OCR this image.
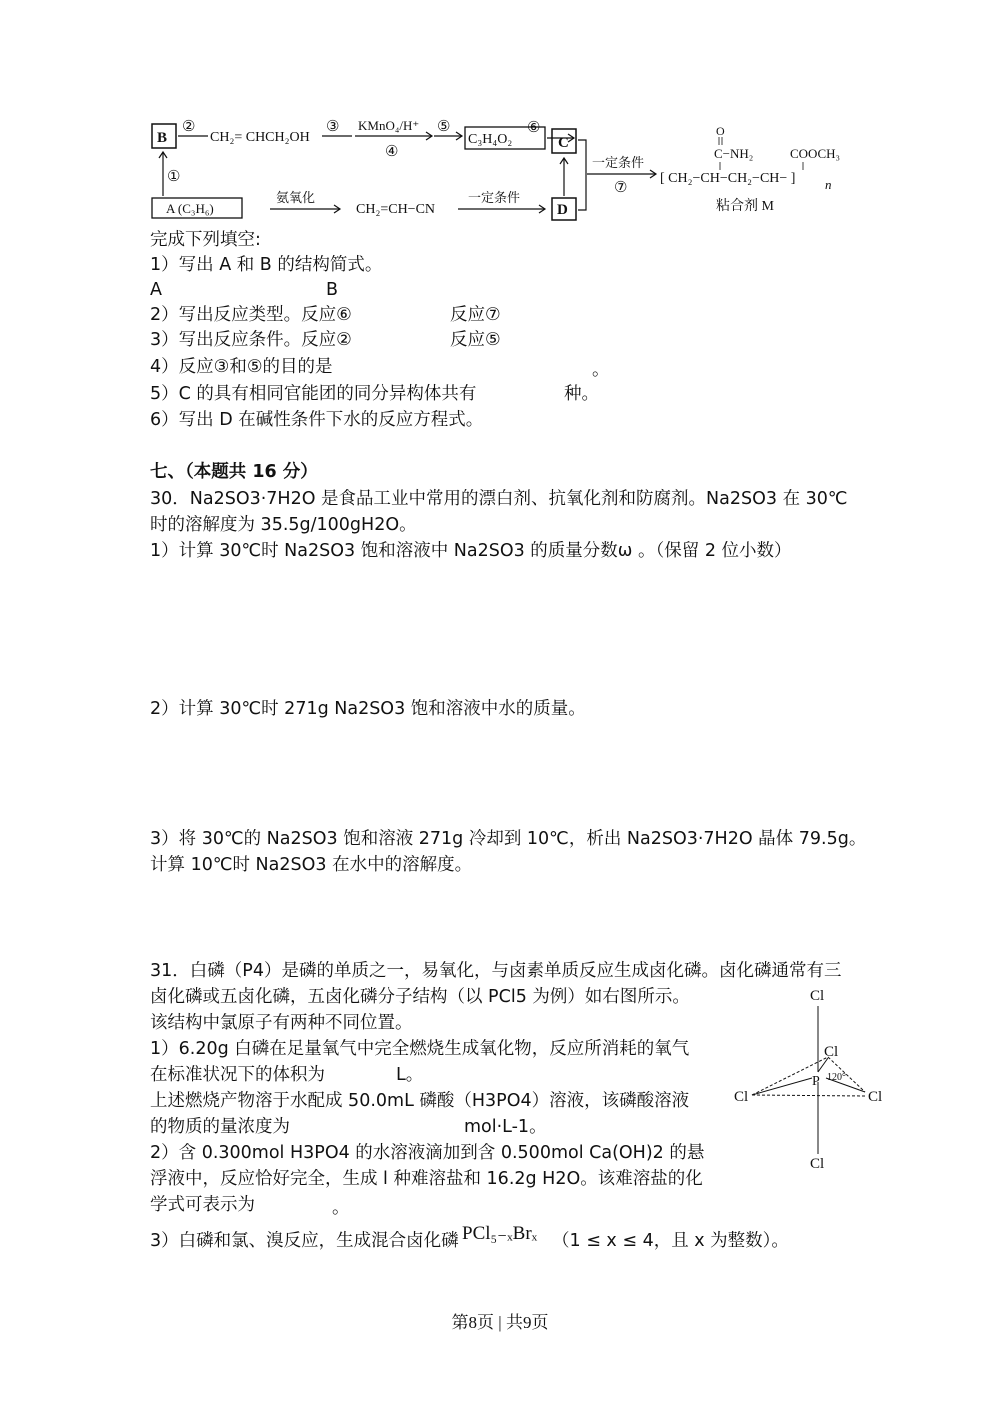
B
②
CH₂= CHCH₂OH
③ KMnO₄/H⁺
④
⑤
C₃H₄O₂
⑥
C
一定条件
⑦
O
C−NH₂	COOCH₃
[ CH₂−CH−CH₂−CH− ] n
粘合剂 M
①
A (C₃H₆)
氨氧化
CH₂=CH−CN
一定条件
D
完成下列填空:
1）写出 A 和 B 的结构简式。
A	B
2）写出反应类型。反应⑥	反应⑦
3）写出反应条件。反应②	反应⑤
4）反应③和⑤的目的是	。
5）C 的具有相同官能团的同分异构体共有	种。
6）写出 D 在碱性条件下水的反应方程式。
七、（本题共 16 分）
30．Na2SO3·7H2O 是食品工业中常用的漂白剂、抗氧化剂和防腐剂。Na2SO3 在 30℃
时的溶解度为 35.5g/100gH2O。
1）计算 30℃时 Na2SO3 饱和溶液中 Na2SO3 的质量分数ω 。（保留 2 位小数）
2）计算 30℃时 271g Na2SO3 饱和溶液中水的质量。
3）将 30℃的 Na2SO3 饱和溶液 271g 冷却到 10℃，析出 Na2SO3·7H2O 晶体 79.5g。
计算 10℃时 Na2SO3 在水中的溶解度。
31．白磷（P4）是磷的单质之一，易氧化，与卤素单质反应生成卤化磷。卤化磷通常有三
卤化磷或五卤化磷，五卤化磷分子结构（以 PCl5 为例）如右图所示。
该结构中氯原子有两种不同位置。
1）6.20g 白磷在足量氧气中完全燃烧生成氧化物，反应所消耗的氧气
在标准状况下的体积为	L。
上述燃烧产物溶于水配成 50.0mL 磷酸（H3PO4）溶液，该磷酸溶液
的物质的量浓度为	mol·L-1。
2）含 0.300mol H3PO4 的水溶液滴加到含 0.500mol Ca(OH)2 的悬
浮液中，反应恰好完全，生成 l 种难溶盐和 16.2g H2O。该难溶盐的化
学式可表示为	。
3）白磷和氯、溴反应，生成混合卤化磷 PCl₅₋ₓBrₓ （1 ≤ x ≤ 4，且 x 为整数）。
Cl
Cl
P 120°
Cl	Cl
Cl
第8页 | 共9页
